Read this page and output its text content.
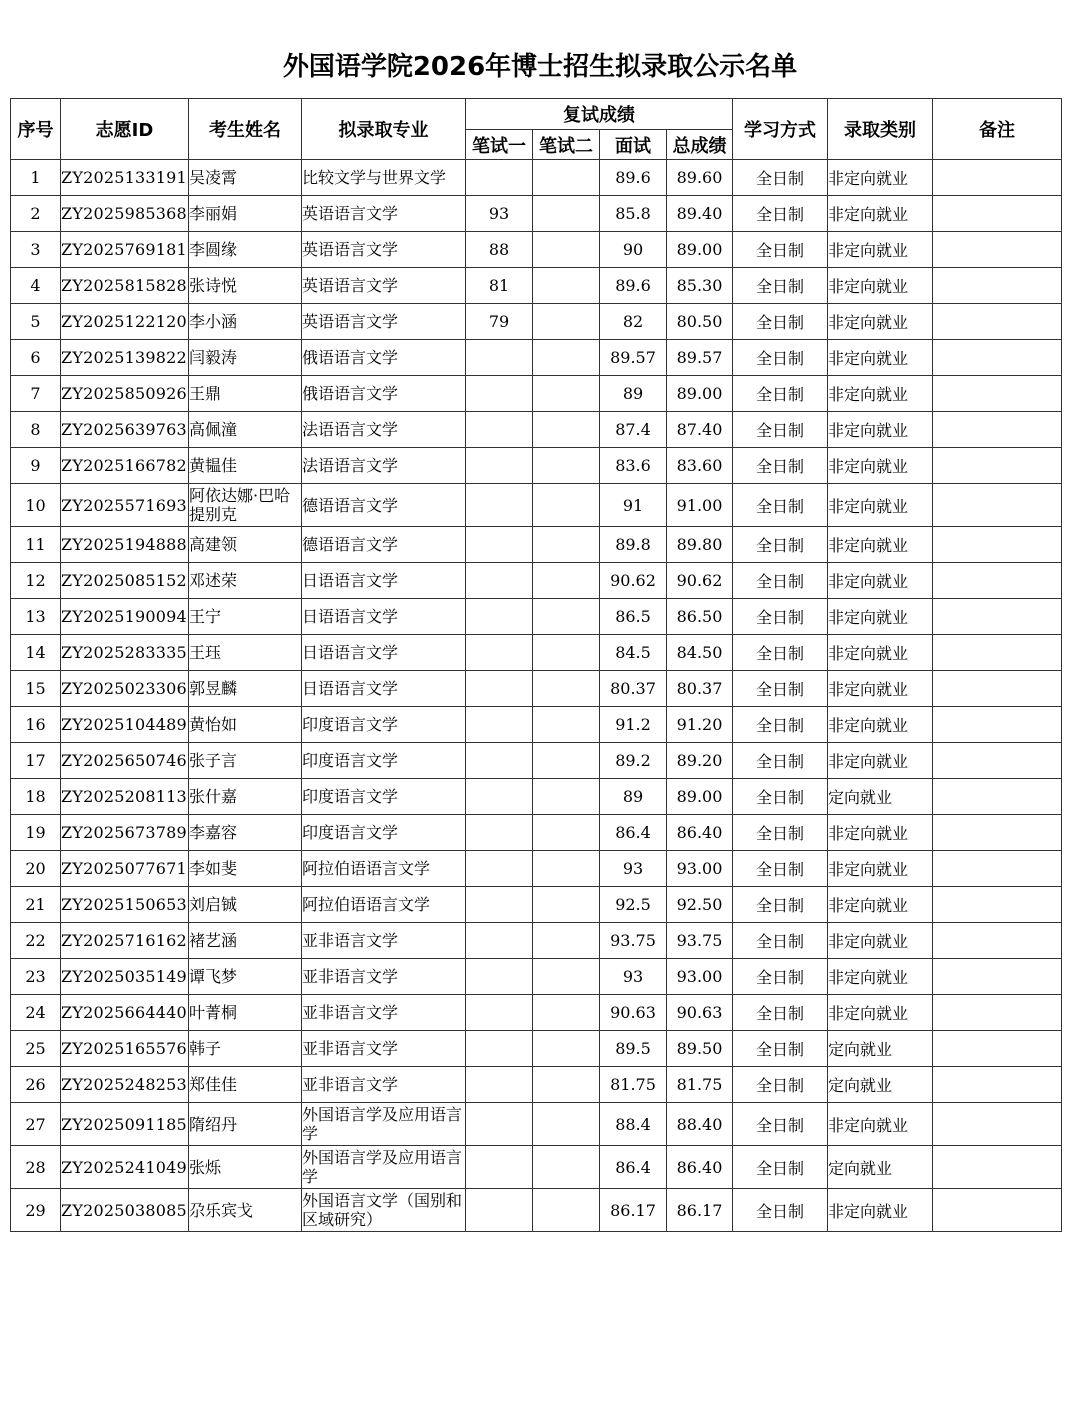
外国语学院2026年博士招生拟录取公示名单
序号	志愿ID	考生姓名	拟录取专业	复试成绩				学习方式	录取类别	备注
				笔试一	笔试二	面试	总成绩			
1	ZY2025133191	吴凌霄	比较文学与世界文学			89.6	89.60	全日制	非定向就业	
2	ZY2025985368	李丽娟	英语语言文学	93		85.8	89.40	全日制	非定向就业	
3	ZY2025769181	李圆缘	英语语言文学	88		90	89.00	全日制	非定向就业	
4	ZY2025815828	张诗悦	英语语言文学	81		89.6	85.30	全日制	非定向就业	
5	ZY2025122120	李小涵	英语语言文学	79		82	80.50	全日制	非定向就业	
6	ZY2025139822	闫毅涛	俄语语言文学			89.57	89.57	全日制	非定向就业	
7	ZY2025850926	王鼎	俄语语言文学			89	89.00	全日制	非定向就业	
8	ZY2025639763	高佩潼	法语语言文学			87.4	87.40	全日制	非定向就业	
9	ZY2025166782	黄韫佳	法语语言文学			83.6	83.60	全日制	非定向就业	
10	ZY2025571693	阿依达娜·巴哈提别克	德语语言文学			91	91.00	全日制	非定向就业	
11	ZY2025194888	高建领	德语语言文学			89.8	89.80	全日制	非定向就业	
12	ZY2025085152	邓述荣	日语语言文学			90.62	90.62	全日制	非定向就业	
13	ZY2025190094	王宁	日语语言文学			86.5	86.50	全日制	非定向就业	
14	ZY2025283335	王珏	日语语言文学			84.5	84.50	全日制	非定向就业	
15	ZY2025023306	郭昱麟	日语语言文学			80.37	80.37	全日制	非定向就业	
16	ZY2025104489	黄怡如	印度语言文学			91.2	91.20	全日制	非定向就业	
17	ZY2025650746	张子言	印度语言文学			89.2	89.20	全日制	非定向就业	
18	ZY2025208113	张什嘉	印度语言文学			89	89.00	全日制	定向就业	
19	ZY2025673789	李嘉容	印度语言文学			86.4	86.40	全日制	非定向就业	
20	ZY2025077671	李如斐	阿拉伯语语言文学			93	93.00	全日制	非定向就业	
21	ZY2025150653	刘启铖	阿拉伯语语言文学			92.5	92.50	全日制	非定向就业	
22	ZY2025716162	褚艺涵	亚非语言文学			93.75	93.75	全日制	非定向就业	
23	ZY2025035149	谭飞梦	亚非语言文学			93	93.00	全日制	非定向就业	
24	ZY2025664440	叶菁桐	亚非语言文学			90.63	90.63	全日制	非定向就业	
25	ZY2025165576	韩子	亚非语言文学			89.5	89.50	全日制	定向就业	
26	ZY2025248253	郑佳佳	亚非语言文学			81.75	81.75	全日制	定向就业	
27	ZY2025091185	隋绍丹	外国语言学及应用语言学			88.4	88.40	全日制	非定向就业	
28	ZY2025241049	张烁	外国语言学及应用语言学			86.4	86.40	全日制	定向就业	
29	ZY2025038085	尕乐宾戈	外国语言文学（国别和区域研究）			86.17	86.17	全日制	非定向就业	
